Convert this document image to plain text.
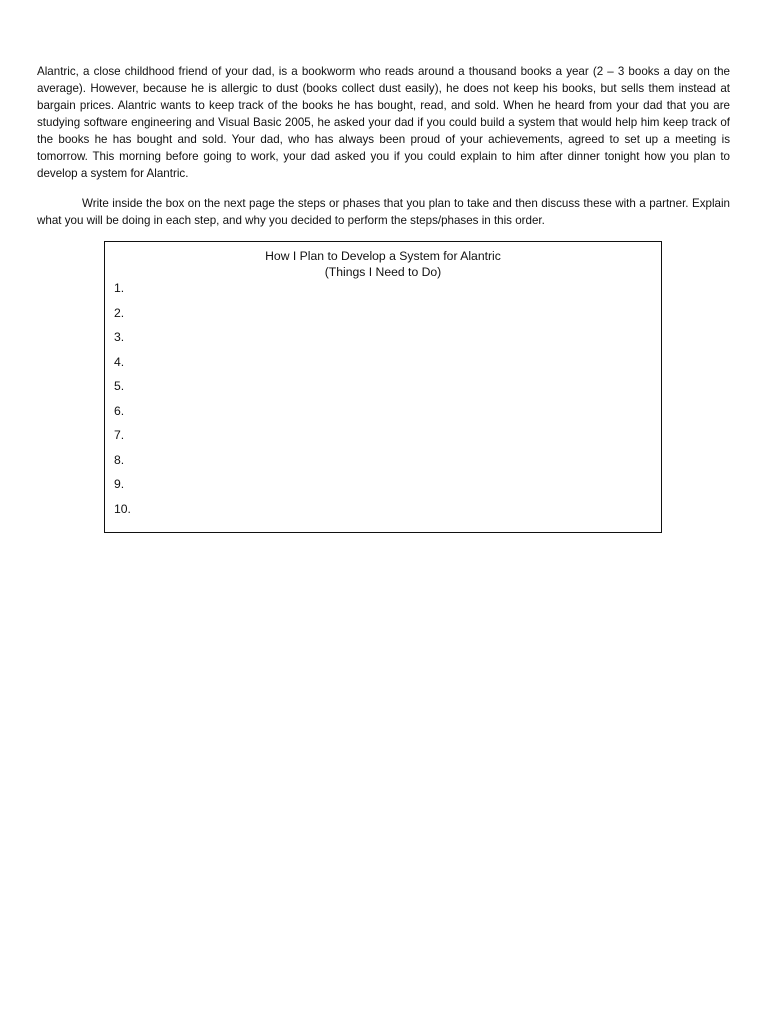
Alantric, a close childhood friend of your dad, is a bookworm who reads around a thousand books a year (2 – 3 books a day on the average). However, because he is allergic to dust (books collect dust easily), he does not keep his books, but sells them instead at bargain prices. Alantric wants to keep track of the books he has bought, read, and sold. When he heard from your dad that you are studying software engineering and Visual Basic 2005, he asked your dad if you could build a system that would help him keep track of the books he has bought and sold. Your dad, who has always been proud of your achievements, agreed to set up a meeting is tomorrow. This morning before going to work, your dad asked you if you could explain to him after dinner tonight how you plan to develop a system for Alantric.

Write inside the box on the next page the steps or phases that you plan to take and then discuss these with a partner. Explain what you will be doing in each step, and why you decided to perform the steps/phases in this order.

How I Plan to Develop a System for Alantric

(Things I Need to Do)

1.
2.
3.
4.
5.
6.
7.
8.
9.
10.
